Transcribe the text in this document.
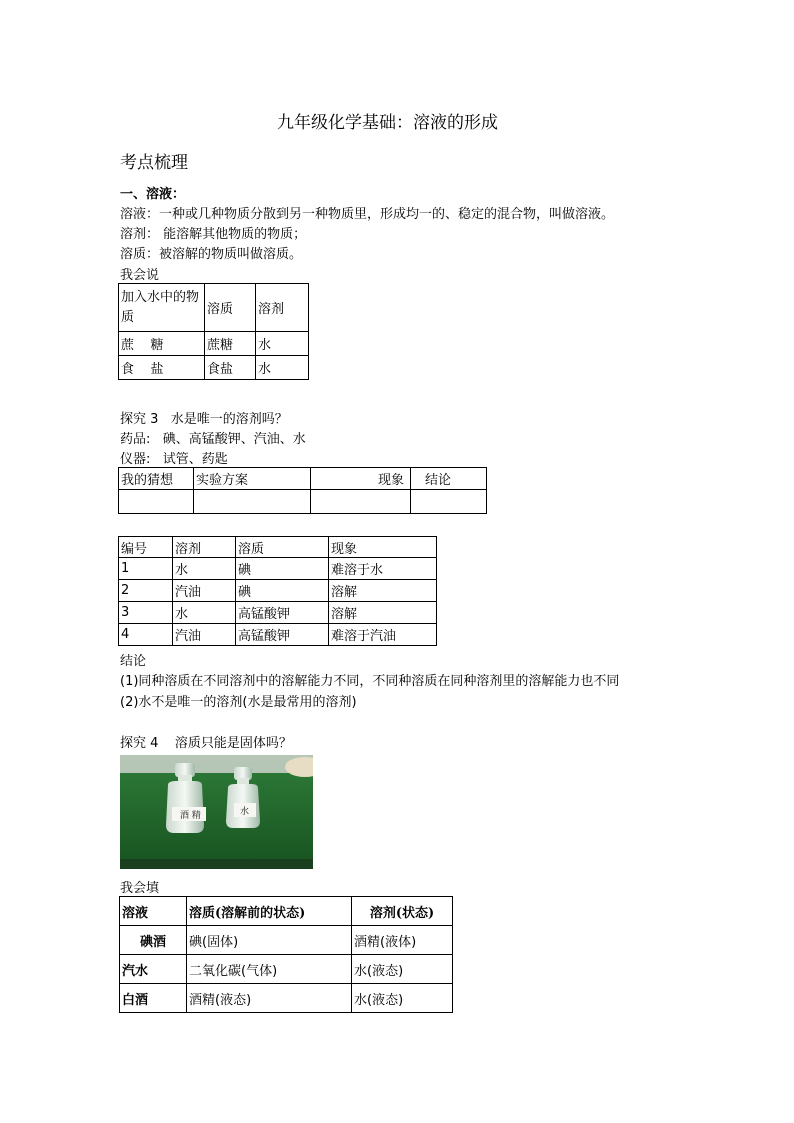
九年级化学基础：溶液的形成
考点梳理
一、溶液：
溶液：一种或几种物质分散到另一种物质里，形成均一的、稳定的混合物，叫做溶液。
溶剂： 能溶解其他物质的物质；
溶质：被溶解的物质叫做溶质。
我会说
加入水中的物质	溶质	溶剂
蔗    糖	蔗糖	水
食    盐	食盐	水
探究 3   水是唯一的溶剂吗？
药品:   碘、高锰酸钾、汽油、水
仪器:   试管、药匙
我的猜想	实验方案	现象	结论

编号	溶剂	溶质	现象
1	水	碘	难溶于水
2	汽油	碘	溶解
3	水	高锰酸钾	溶解
4	汽油	高锰酸钾	难溶于汽油
结论
(1)同种溶质在不同溶剂中的溶解能力不同，不同种溶质在同种溶剂里的溶解能力也不同
(2)水不是唯一的溶剂(水是最常用的溶剂)
探究 4    溶质只能是固体吗？
酒 精	水
我会填
溶液	溶质(溶解前的状态)	溶剂(状态)
碘酒	碘(固体)	酒精(液体)
汽水	二氧化碳(气体)	水(液态)
白酒	酒精(液态)	水(液态)
